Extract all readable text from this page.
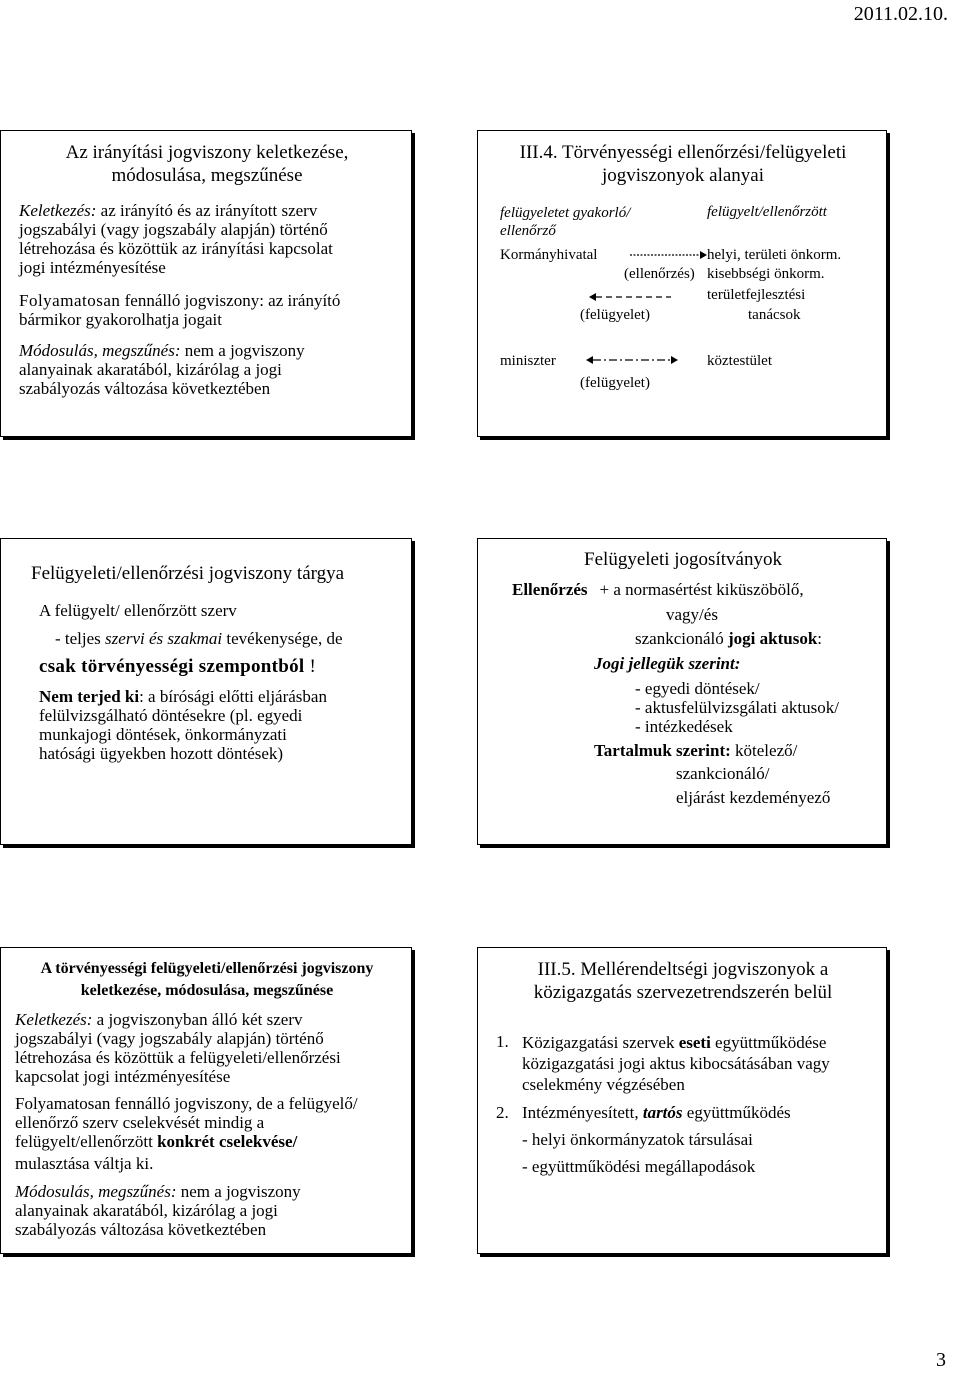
2011.02.10.
Az irányítási jogviszony keletkezése,
módosulása, megszűnése
Keletkezés: az irányító és az irányított szerv
jogszabályi (vagy jogszabály alapján) történő
létrehozása és közöttük az irányítási kapcsolat
jogi intézményesítése
Folyamatosan fennálló jogviszony: az irányító
bármikor gyakorolhatja jogait
Módosulás, megszűnés: nem a jogviszony
alanyainak akaratából, kizárólag a jogi
szabályozás változása következtében
III.4. Törvényességi ellenőrzési/felügyeleti
jogviszonyok alanyai
felügyeletet gyakorló/
ellenőrző
felügyelt/ellenőrzött
Kormányhivatal	helyi, területi önkorm.
(ellenőrzés) kisebbségi önkorm.
területfejlesztési
tanácsok
(felügyelet)
miniszter	köztestület
(felügyelet)
Felügyeleti/ellenőrzési jogviszony tárgya
A felügyelt/ ellenőrzött szerv
- teljes szervi és szakmai tevékenysége, de
csak törvényességi szempontból !
Nem terjed ki: a bírósági előtti eljárásban
felülvizsgálható döntésekre (pl. egyedi
munkajogi döntések, önkormányzati
hatósági ügyekben hozott döntések)
Felügyeleti jogosítványok
Ellenőrzés + a normasértést kiküszöbölő,
vagy/és
szankcionáló jogi aktusok:
Jogi jellegük szerint:
- egyedi döntések/
- aktusfelülvizsgálati aktusok/
- intézkedések
Tartalmuk szerint: kötelező/
szankcionáló/
eljárást kezdeményező
A törvényességi felügyeleti/ellenőrzési jogviszony
keletkezése, módosulása, megszűnése
Keletkezés: a jogviszonyban álló két szerv
jogszabályi (vagy jogszabály alapján) történő
létrehozása és közöttük a felügyeleti/ellenőrzési
kapcsolat jogi intézményesítése
Folyamatosan fennálló jogviszony, de a felügyelő/
ellenőrző szerv cselekvését mindig a
felügyelt/ellenőrzött konkrét cselekvése/
mulasztása váltja ki.
Módosulás, megszűnés: nem a jogviszony
alanyainak akaratából, kizárólag a jogi
szabályozás változása következtében
III.5. Mellérendeltségi jogviszonyok a
közigazgatás szervezetrendszerén belül
1. Közigazgatási szervek eseti együttműködése
közigazgatási jogi aktus kibocsátásában vagy
cselekmény végzésében
2. Intézményesített, tartós együttműködés
- helyi önkormányzatok társulásai
- együttműködési megállapodások
3
